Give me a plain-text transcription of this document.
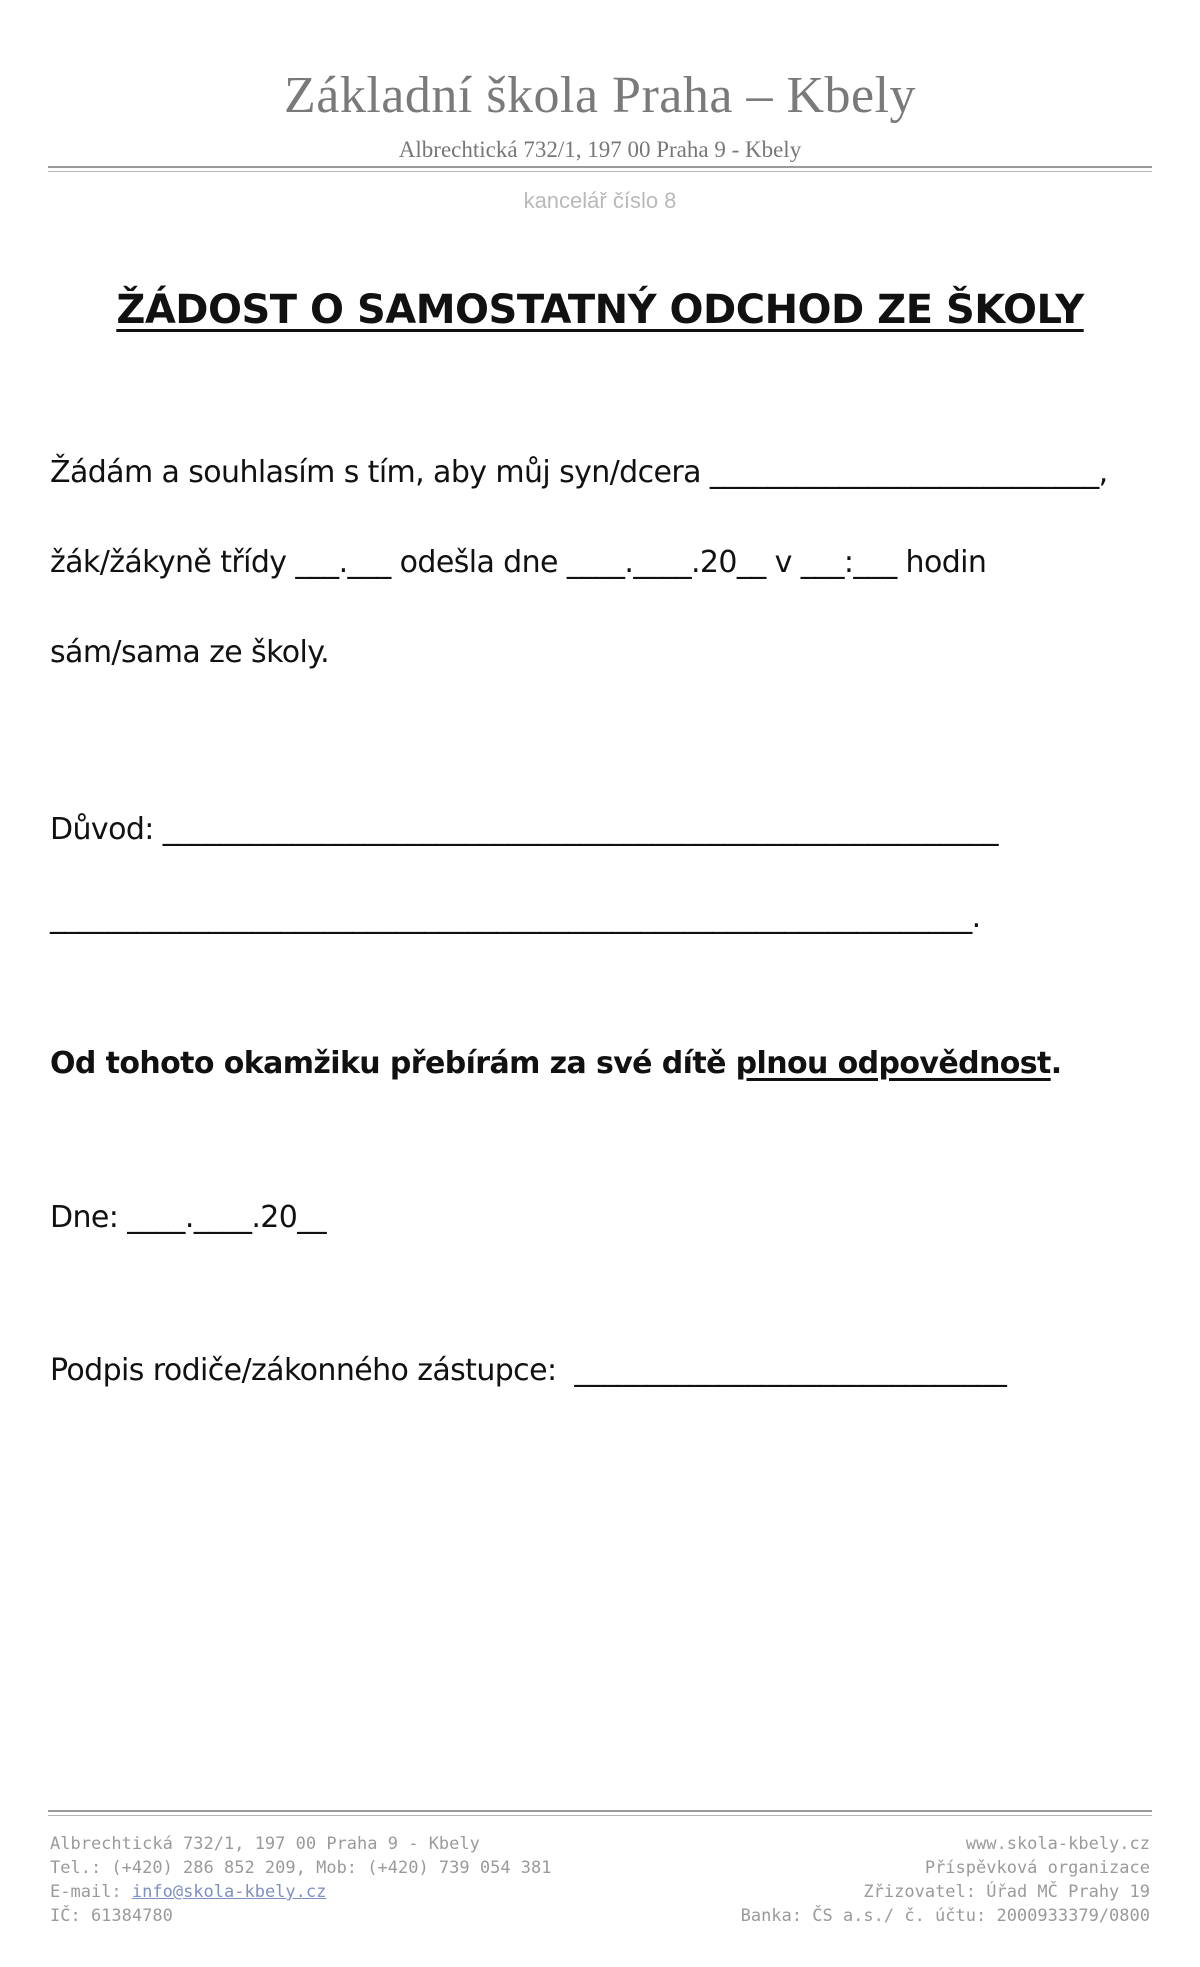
Základní škola Praha – Kbely
Albrechtická 732/1, 197 00 Praha 9 - Kbely
kancelář číslo 8
ŽÁDOST O SAMOSTATNÝ ODCHOD ZE ŠKOLY
Žádám a souhlasím s tím, aby můj syn/dcera ___________________________,
žák/žákyně třídy ___.___ odešla dne ____.____.20__ v ___:___ hodin
sám/sama ze školy.
Důvod: __________________________________________________________
________________________________________________________________.
Od tohoto okamžiku přebírám za své dítě plnou odpovědnost.
Dne: ____.____.20__
Podpis rodiče/zákonného zástupce:  ______________________________
Albrechtická 732/1, 197 00 Praha 9 - Kbely
Tel.: (+420) 286 852 209, Mob: (+420) 739 054 381
E-mail: info@skola-kbely.cz
IČ: 61384780
www.skola-kbely.cz
Příspěvková organizace
Zřizovatel: Úřad MČ Prahy 19
Banka: ČS a.s./ č. účtu: 2000933379/0800
